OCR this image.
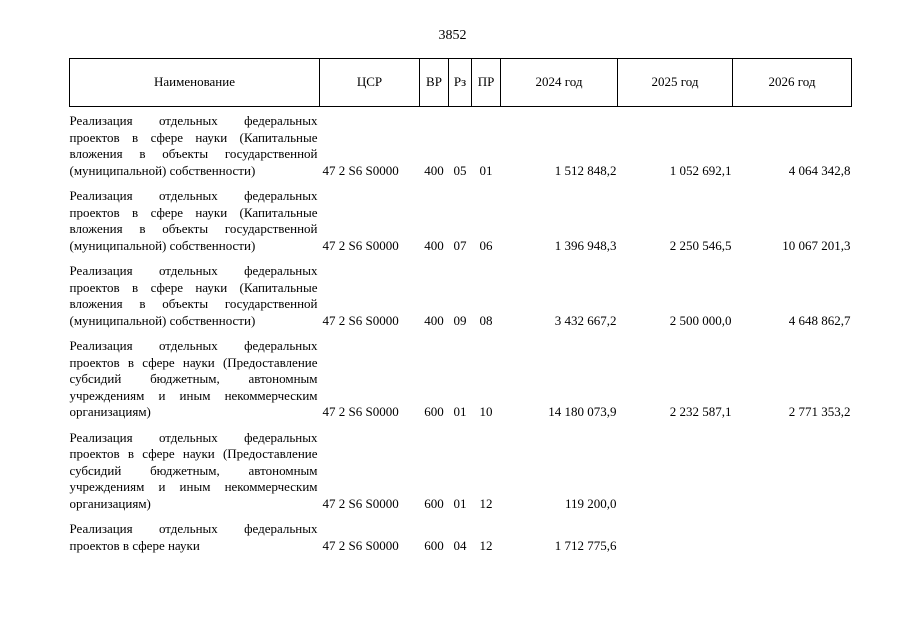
3852
Наименование	ЦСР	ВР	Рз	ПР	2024 год	2025 год	2026 год

Реализация отдельных федеральных проектов в сфере науки (Капитальные вложения в объекты государственной (муниципальной) собственности)	47 2 S6 S0000	400	05	01	1 512 848,2	1 052 692,1	4 064 342,8

Реализация отдельных федеральных проектов в сфере науки (Капитальные вложения в объекты государственной (муниципальной) собственности)	47 2 S6 S0000	400	07	06	1 396 948,3	2 250 546,5	10 067 201,3

Реализация отдельных федеральных проектов в сфере науки (Капитальные вложения в объекты государственной (муниципальной) собственности)	47 2 S6 S0000	400	09	08	3 432 667,2	2 500 000,0	4 648 862,7

Реализация отдельных федеральных проектов в сфере науки (Предоставление субсидий бюджетным, автономным учреждениям и иным некоммерческим организациям)	47 2 S6 S0000	600	01	10	14 180 073,9	2 232 587,1	2 771 353,2

Реализация отдельных федеральных проектов в сфере науки (Предоставление субсидий бюджетным, автономным учреждениям и иным некоммерческим организациям)	47 2 S6 S0000	600	01	12	119 200,0		

Реализация отдельных федеральных проектов в сфере науки	47 2 S6 S0000	600	04	12	1 712 775,6		
